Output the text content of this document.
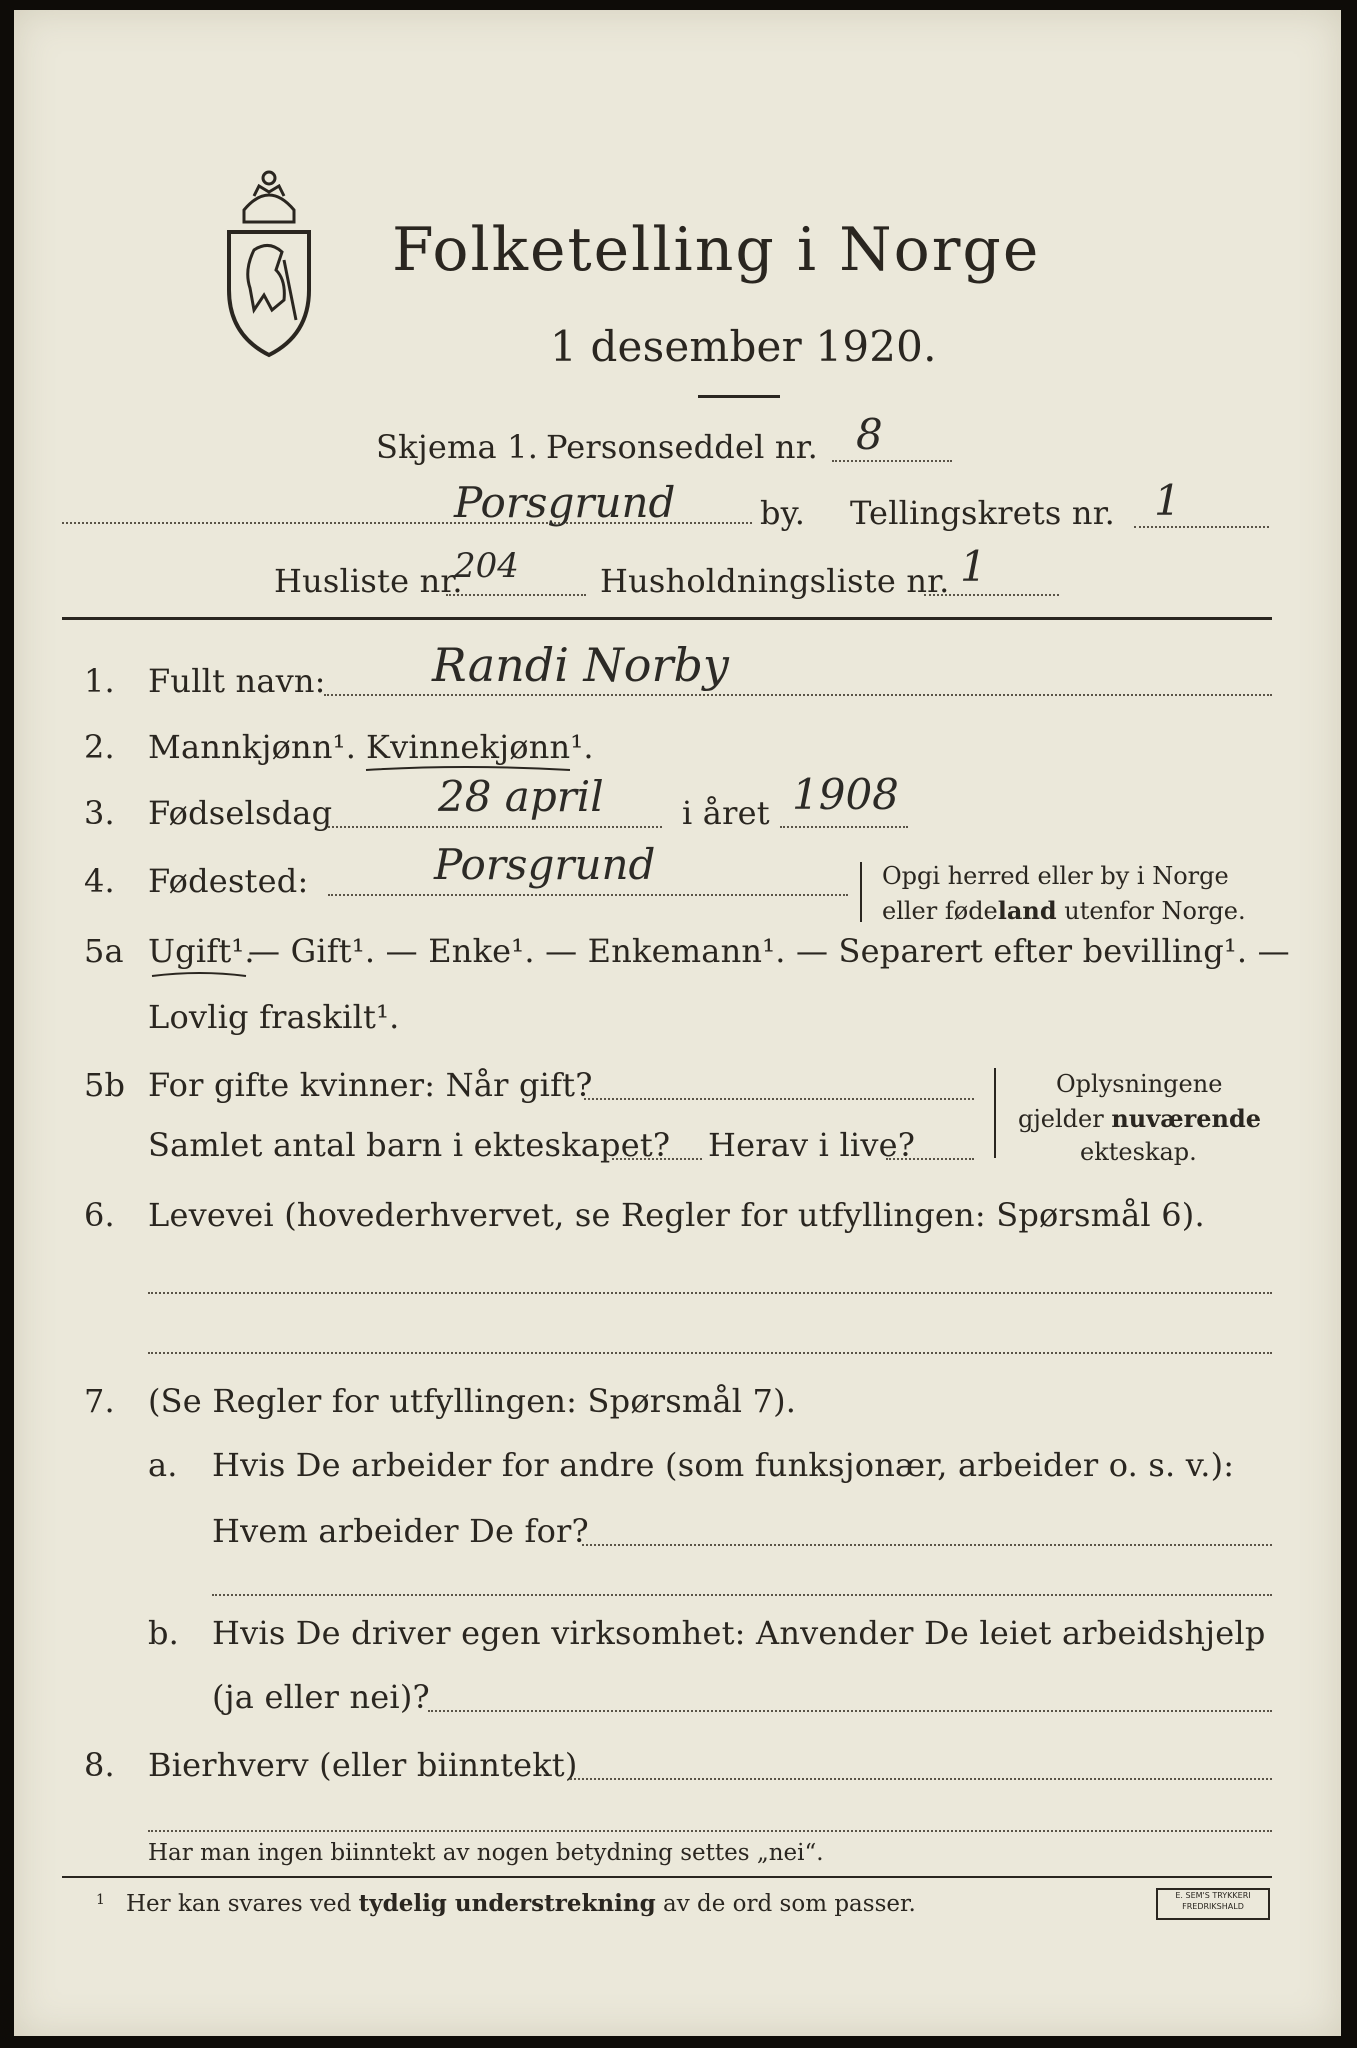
Folketelling i Norge
1 desember 1920.
Skjema 1. Personseddel nr. 8
Porsgrund	by. Tellingskrets nr. 1
Husliste nr.
204	Husholdningsliste nr. 1
1. Fullt navn: Randi Norby
2. Mannkjønn¹. Kvinnekjønn¹.
3. Fødselsdag	28 april i året 1908
4. Fødested:	Porsgrund	Opgi herred eller by i Norge
eller fødeland utenfor Norge.
5a Ugift¹.
— Gift¹. — Enke¹. — Enkemann¹. — Separert efter bevilling¹. —
Lovlig fraskilt¹.
5b For gifte kvinner: Når gift?
Samlet antal barn i ekteskapet? Herav i live?
Oplysningene
gjelder nuværende
ekteskap.
6. Levevei (hovederhvervet, se Regler for utfyllingen: Spørsmål 6).
7. (Se Regler for utfyllingen: Spørsmål 7).
a. Hvis De arbeider for andre (som funksjonær, arbeider o. s. v.):
Hvem arbeider De for?
b. Hvis De driver egen virksomhet: Anvender De leiet arbeidshjelp
(ja eller nei)?
8. Bierhverv (eller biinntekt)
Har man ingen biinntekt av nogen betydning settes „nei“.
1 Her kan svares ved tydelig understrekning av de ord som passer.	E. SEM'S TRYKKERI
FREDRIKSHALD
